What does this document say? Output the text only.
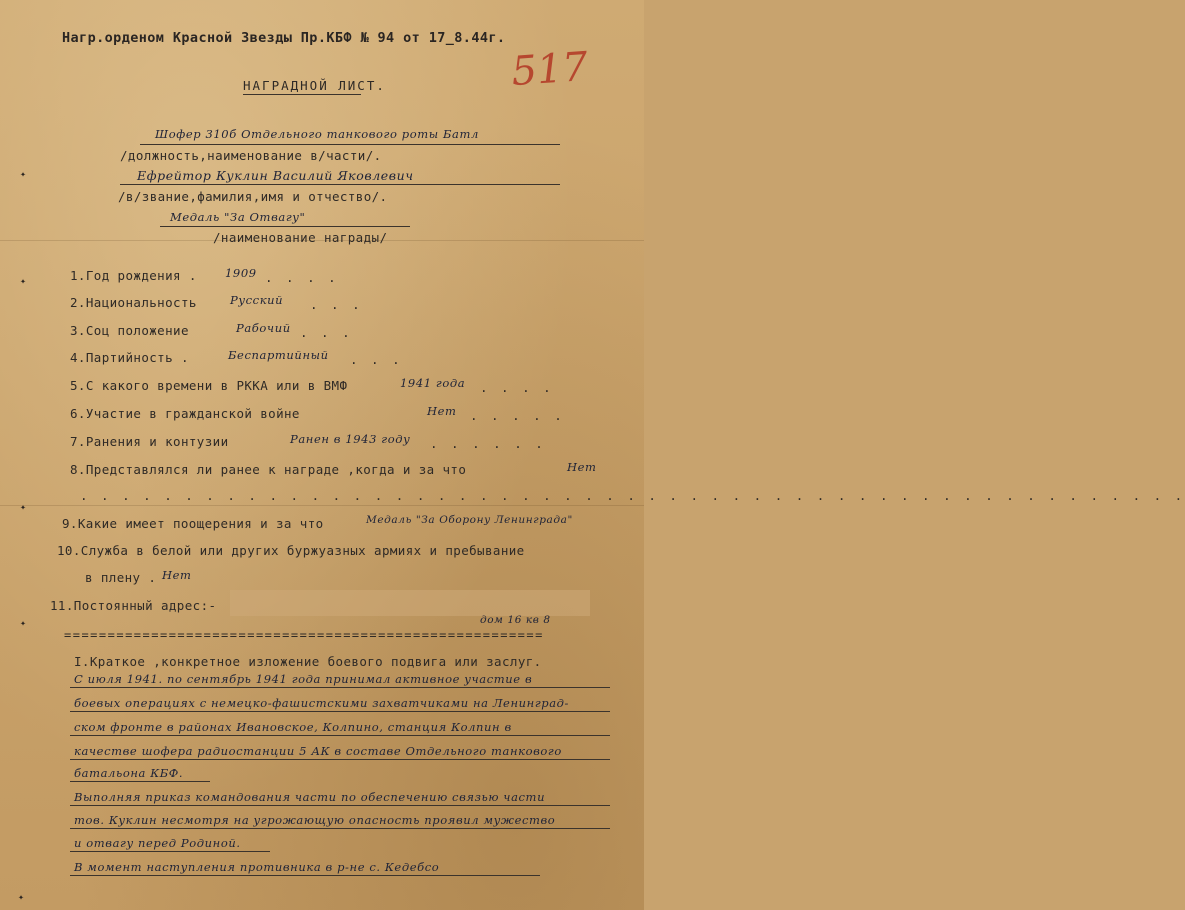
Нагр.орденом Красной Звезды Пр.КБФ № 94 от 17_8.44г.
517
НАГРАДНОЙ ЛИСТ.
Шофер 310б Отдельного танкового роты Батл
/должность,наименование в/части/.
Ефрейтор Куклин Василий Яковлевич
/в/звание,фамилия,имя и отчество/.
Медаль "За Отвагу"
/наименование награды/
1.Год рождения . 1909 . . . .
2.Национальность	Русский . . .
3.Соц положение	Рабочий . . .
4.Партийность .	Беспартийный . . .
5.С какого времени в РККА или в ВМФ	1941 года . . . .
6.Участие в гражданской войне	Нет . . . . .
7.Ранения и контузии	Ранен в 1943 году . . . . . .
8.Представлялся ли ранее к награде ,когда и за что	Нет
. . . . . . . . . . . . . . . . . . . . . . . . . . . . . . . . . . . . . . . . . . . . . . . . . . . . .
9.Какие имеет поощерения и за что	Медаль "За Оборону Ленинграда"
10.Служба в белой или других буржуазных армиях и пребывание
в плену . Нет
11.Постоянный адрес:-
дом 16 кв 8
=======================================================
I.Краткое ,конкретное изложение боевого подвига или заслуг.
С июля 1941. по сентябрь 1941 года принимал активное участие в
боевых операциях с немецко-фашистскими захватчиками на Ленинград-
ском фронте в районах Ивановское, Колпино, станция Колпин в
качестве шофера радиостанции 5 АК в составе Отдельного танкового
батальона КБФ.
Выполняя приказ командования части по обеспечению связью части
тов. Куклин несмотря на угрожающую опасность проявил мужество
и отвагу перед Родиной.
В момент наступления противника в р-не с. Кедебсо
✦
✦
✦
✦
✦
